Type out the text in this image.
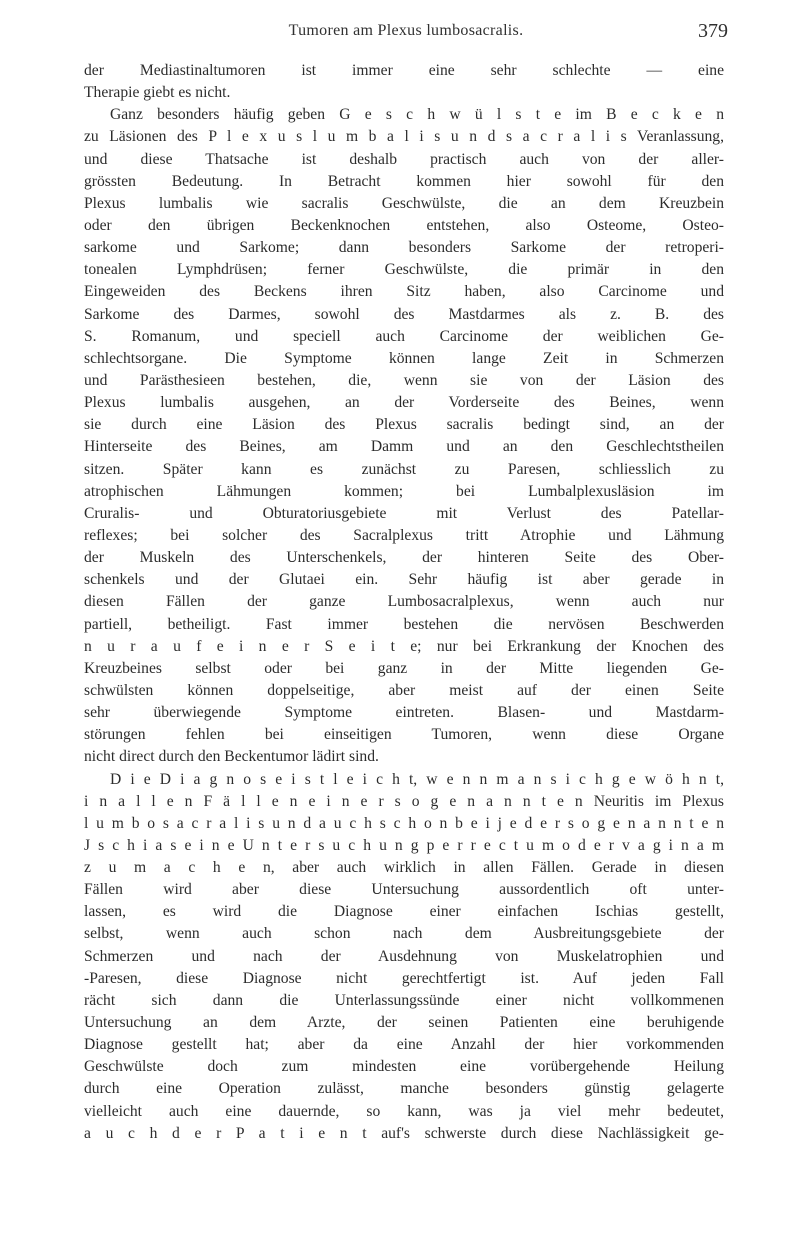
Tumoren am Plexus lumbosacralis.	379
der Mediastinaltumoren ist immer eine sehr schlechte — eine
Therapie giebt es nicht.
Ganz besonders häufig geben G e s c h w ü l s t e im B e c k e n
zu Läsionen des P l e x u s l u m b a l i s u n d s a c r a l i s Veranlassung,
und diese Thatsache ist deshalb practisch auch von der aller-
grössten Bedeutung. In Betracht kommen hier sowohl für den
Plexus lumbalis wie sacralis Geschwülste, die an dem Kreuzbein
oder den übrigen Beckenknochen entstehen, also Osteome, Osteo-
sarkome und Sarkome; dann besonders Sarkome der retroperi-
tonealen Lymphdrüsen; ferner Geschwülste, die primär in den
Eingeweiden des Beckens ihren Sitz haben, also Carcinome und
Sarkome des Darmes, sowohl des Mastdarmes als z. B. des
S. Romanum, und speciell auch Carcinome der weiblichen Ge-
schlechtsorgane. Die Symptome können lange Zeit in Schmerzen
und Parästhesieen bestehen, die, wenn sie von der Läsion des
Plexus lumbalis ausgehen, an der Vorderseite des Beines, wenn
sie durch eine Läsion des Plexus sacralis bedingt sind, an der
Hinterseite des Beines, am Damm und an den Geschlechtstheilen
sitzen. Später kann es zunächst zu Paresen, schliesslich zu
atrophischen Lähmungen kommen; bei Lumbalplexusläsion im
Cruralis- und Obturatoriusgebiete mit Verlust des Patellar-
reflexes; bei solcher des Sacralplexus tritt Atrophie und Lähmung
der Muskeln des Unterschenkels, der hinteren Seite des Ober-
schenkels und der Glutaei ein. Sehr häufig ist aber gerade in
diesen Fällen der ganze Lumbosacralplexus, wenn auch nur
partiell, betheiligt. Fast immer bestehen die nervösen Beschwerden
n u r a u f e i n e r S e i t e; nur bei Erkrankung der Knochen des
Kreuzbeines selbst oder bei ganz in der Mitte liegenden Ge-
schwülsten können doppelseitige, aber meist auf der einen Seite
sehr überwiegende Symptome eintreten. Blasen- und Mastdarm-
störungen fehlen bei einseitigen Tumoren, wenn diese Organe
nicht direct durch den Beckentumor lädirt sind.
D i e D i a g n o s e i s t l e i c h t, w e n n m a n s i c h g e w ö h n t,
i n a l l e n F ä l l e n e i n e r s o g e n a n n t e n Neuritis im Plexus
l u m b o s a c r a l i s u n d a u c h s c h o n b e i j e d e r s o g e n a n n t e n
J s c h i a s e i n e U n t e r s u c h u n g p e r r e c t u m o d e r v a g i n a m
z u m a c h e n, aber auch wirklich in allen Fällen. Gerade in diesen
Fällen wird aber diese Untersuchung aussordentlich oft unter-
lassen, es wird die Diagnose einer einfachen Ischias gestellt,
selbst, wenn auch schon nach dem Ausbreitungsgebiete der
Schmerzen und nach der Ausdehnung von Muskelatrophien und
-Paresen, diese Diagnose nicht gerechtfertigt ist. Auf jeden Fall
rächt sich dann die Unterlassungssünde einer nicht vollkommenen
Untersuchung an dem Arzte, der seinen Patienten eine beruhigende
Diagnose gestellt hat; aber da eine Anzahl der hier vorkommenden
Geschwülste doch zum mindesten eine vorübergehende Heilung
durch eine Operation zulässt, manche besonders günstig gelagerte
vielleicht auch eine dauernde, so kann, was ja viel mehr bedeutet,
a u c h d e r P a t i e n t auf's schwerste durch diese Nachlässigkeit ge-
